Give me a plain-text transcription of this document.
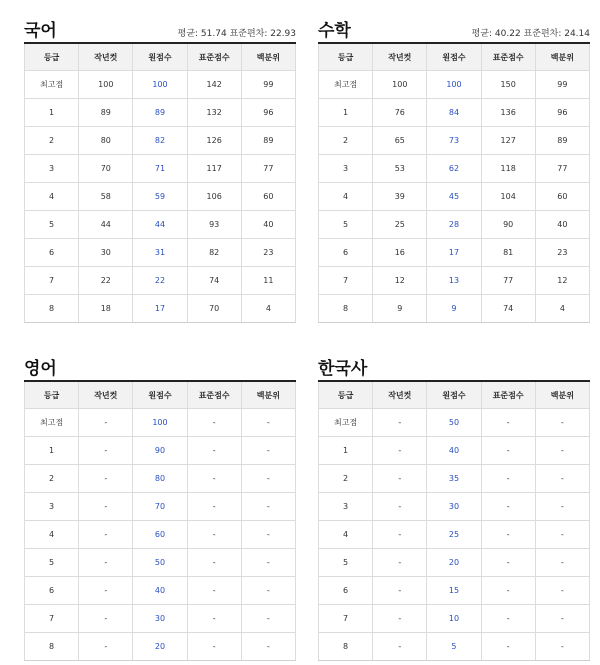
국어	평균: 51.74 표준편차: 22.93
등급	작년컷	원점수	표준점수	백분위
최고점	100	100	142	99
1	89	89	132	96
2	80	82	126	89
3	70	71	117	77
4	58	59	106	60
5	44	44	93	40
6	30	31	82	23
7	22	22	74	11
8	18	17	70	4
수학	평균: 40.22 표준편차: 24.14
등급	작년컷	원점수	표준점수	백분위
최고점	100	100	150	99
1	76	84	136	96
2	65	73	127	89
3	53	62	118	77
4	39	45	104	60
5	25	28	90	40
6	16	17	81	23
7	12	13	77	12
8	9	9	74	4
영어
등급	작년컷	원점수	표준점수	백분위
최고점	-	100	-	-
1	-	90	-	-
2	-	80	-	-
3	-	70	-	-
4	-	60	-	-
5	-	50	-	-
6	-	40	-	-
7	-	30	-	-
8	-	20	-	-
한국사
등급	작년컷	원점수	표준점수	백분위
최고점	-	50	-	-
1	-	40	-	-
2	-	35	-	-
3	-	30	-	-
4	-	25	-	-
5	-	20	-	-
6	-	15	-	-
7	-	10	-	-
8	-	5	-	-
